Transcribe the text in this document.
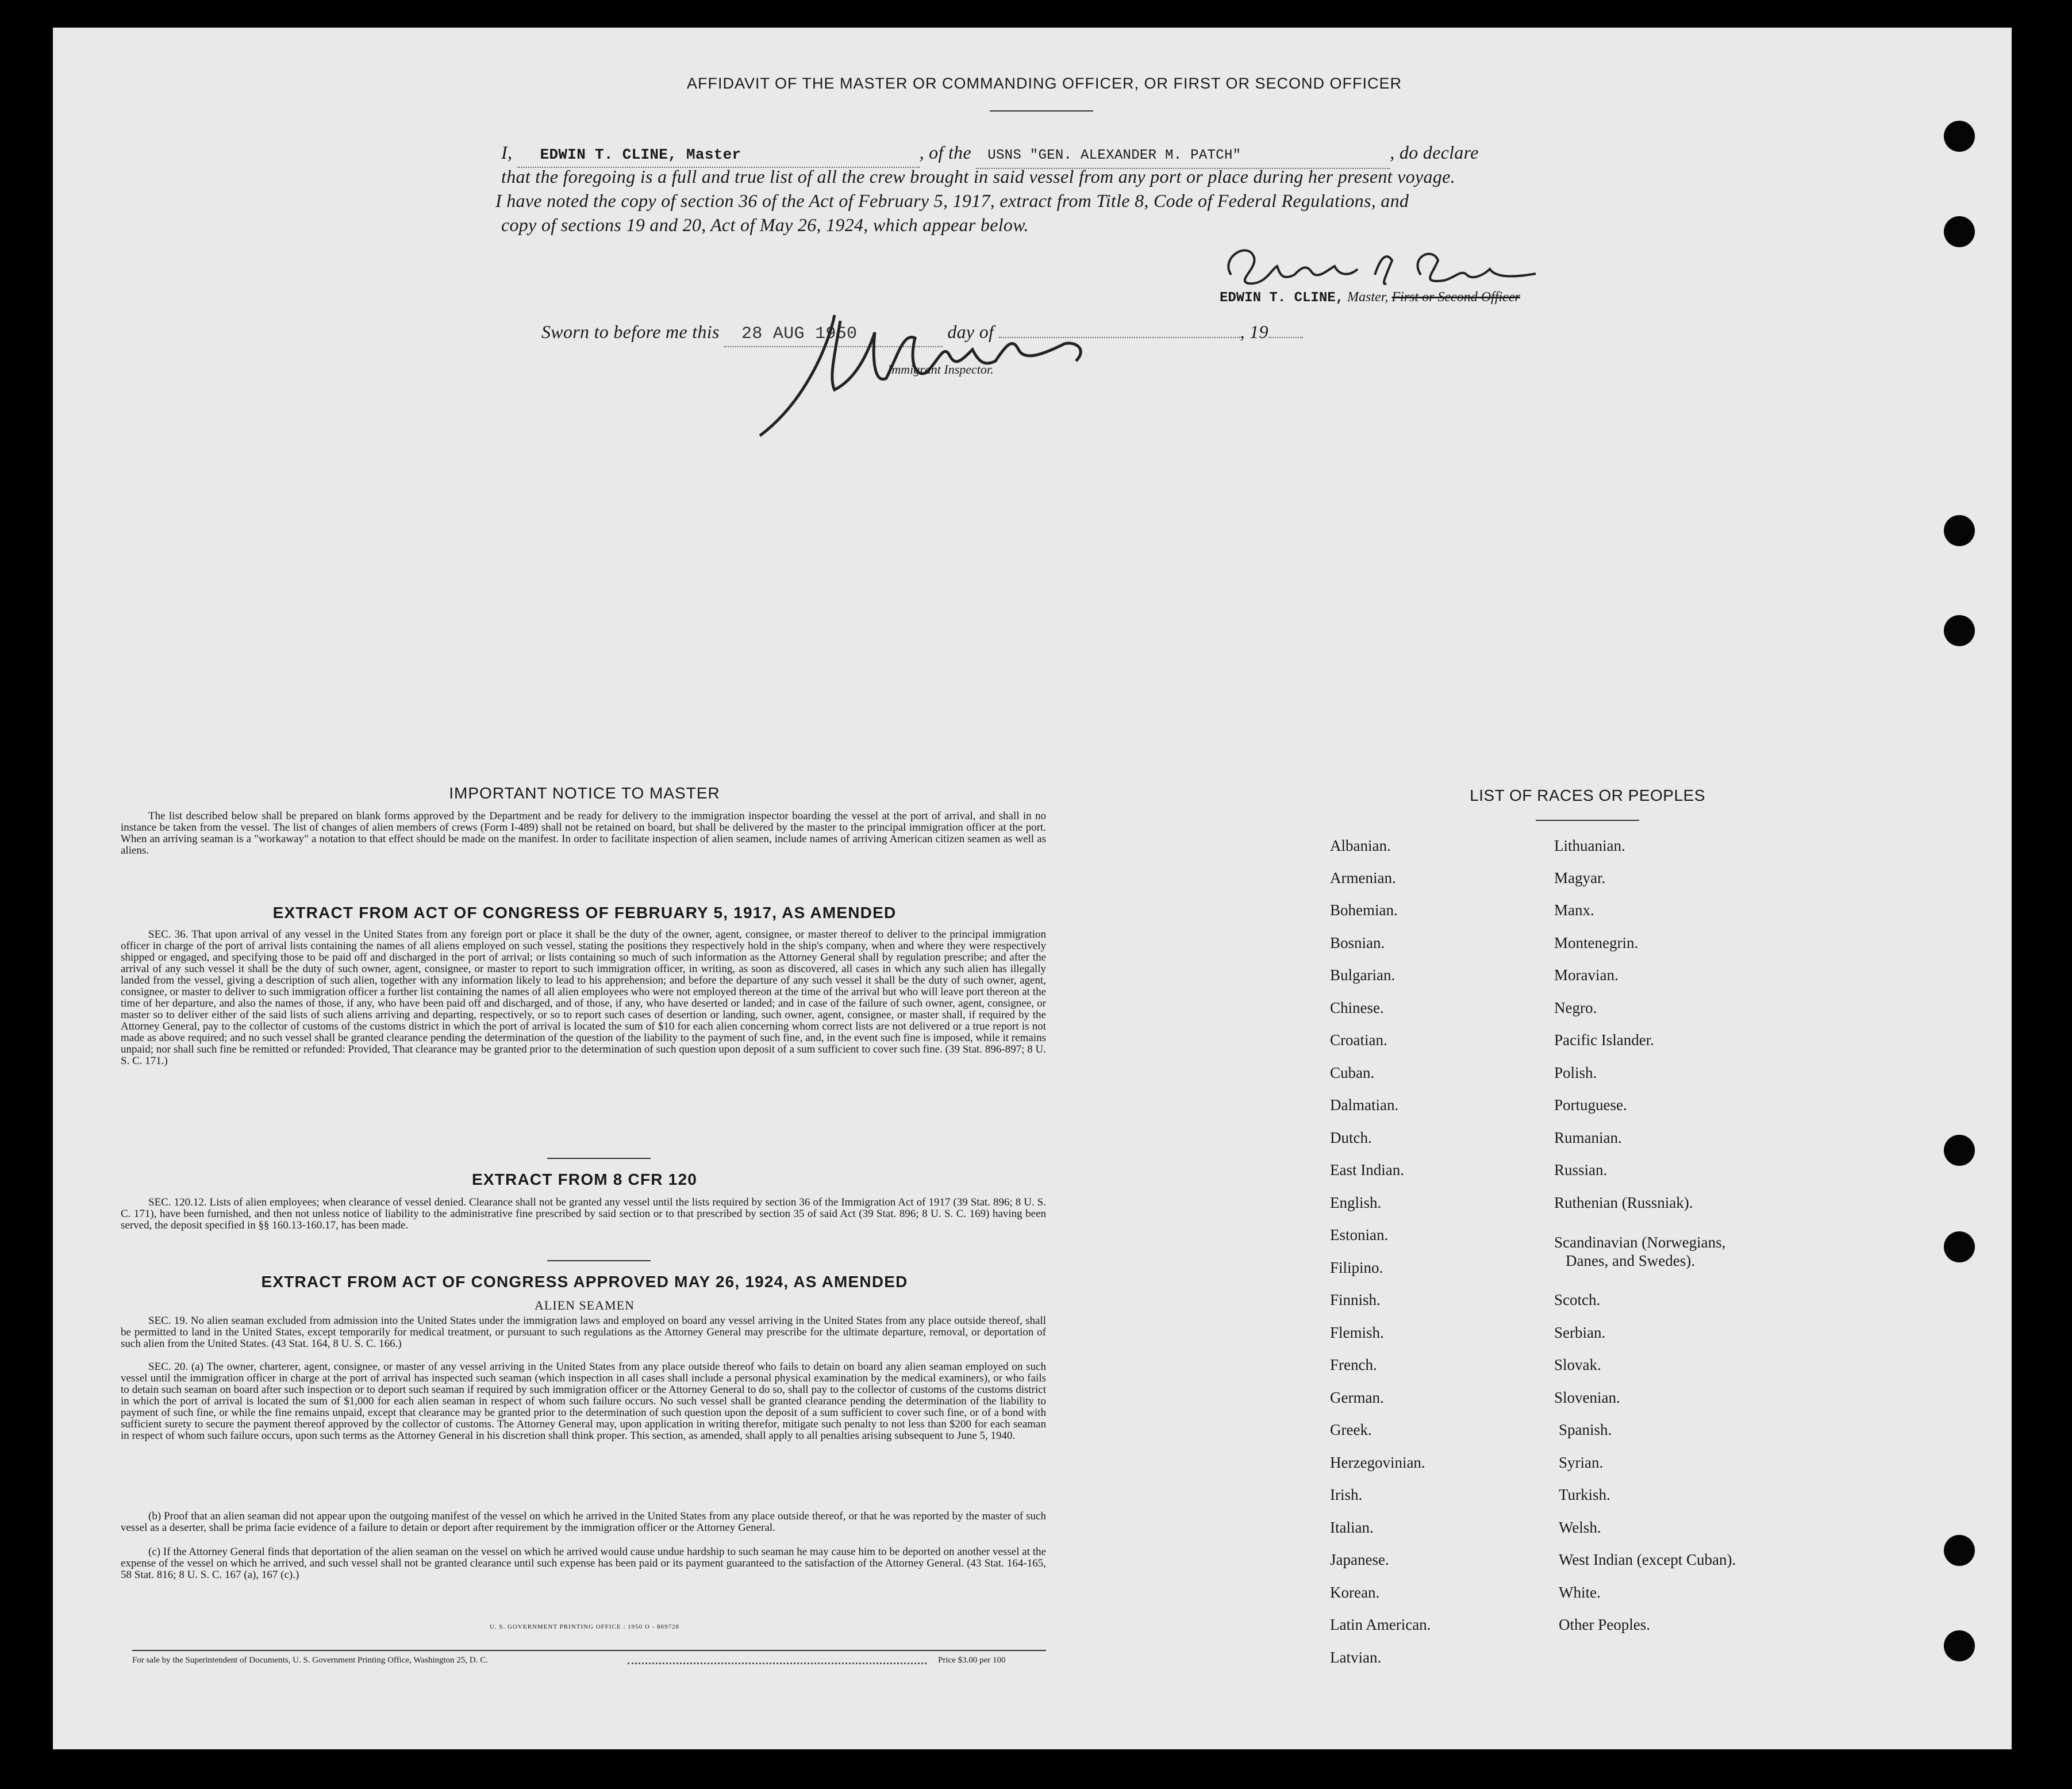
AFFIDAVIT OF THE MASTER OR COMMANDING OFFICER, OR FIRST OR SECOND OFFICER
I, EDWIN T. CLINE, Master	, of the USNS "GEN. ALEXANDER M. PATCH"	, do declare
that the foregoing is a full and true list of all the crew brought in said vessel from any port or place during her present voyage.
I have noted the copy of section 36 of the Act of February 5, 1917, extract from Title 8, Code of Federal Regulations, and
copy of sections 19 and 20, Act of May 26, 1924, which appear below.
EDWIN T. CLINE, Master, First or Second Officer
Sworn to before me this 28 AUG 1950	day of	, 19
Immigrant Inspector.
IMPORTANT NOTICE TO MASTER
The list described below shall be prepared on blank forms approved by the Department and be ready for delivery to the immigration inspector boarding the vessel at the port of arrival, and shall in no instance be taken from the vessel. The list of changes of alien members of crews (Form I-489) shall not be retained on board, but shall be delivered by the master to the principal immigration officer at the port. When an arriving seaman is a "workaway" a notation to that effect should be made on the manifest. In order to facilitate inspection of alien seamen, include names of arriving American citizen seamen as well as aliens.
EXTRACT FROM ACT OF CONGRESS OF FEBRUARY 5, 1917, AS AMENDED
SEC. 36. That upon arrival of any vessel in the United States from any foreign port or place it shall be the duty of the owner, agent, consignee, or master thereof to deliver to the principal immigration officer in charge of the port of arrival lists containing the names of all aliens employed on such vessel, stating the positions they respectively hold in the ship's company, when and where they were respectively shipped or engaged, and specifying those to be paid off and discharged in the port of arrival; or lists containing so much of such information as the Attorney General shall by regulation prescribe; and after the arrival of any such vessel it shall be the duty of such owner, agent, consignee, or master to report to such immigration officer, in writing, as soon as discovered, all cases in which any such alien has illegally landed from the vessel, giving a description of such alien, together with any information likely to lead to his apprehension; and before the departure of any such vessel it shall be the duty of such owner, agent, consignee, or master to deliver to such immigration officer a further list containing the names of all alien employees who were not employed thereon at the time of the arrival but who will leave port thereon at the time of her departure, and also the names of those, if any, who have been paid off and discharged, and of those, if any, who have deserted or landed; and in case of the failure of such owner, agent, consignee, or master so to deliver either of the said lists of such aliens arriving and departing, respectively, or so to report such cases of desertion or landing, such owner, agent, consignee, or master shall, if required by the Attorney General, pay to the collector of customs of the customs district in which the port of arrival is located the sum of $10 for each alien concerning whom correct lists are not delivered or a true report is not made as above required; and no such vessel shall be granted clearance pending the determination of the question of the liability to the payment of such fine, and, in the event such fine is imposed, while it remains unpaid; nor shall such fine be remitted or refunded: Provided, That clearance may be granted prior to the determination of such question upon deposit of a sum sufficient to cover such fine. (39 Stat. 896-897; 8 U. S. C. 171.)
EXTRACT FROM 8 CFR 120
SEC. 120.12. Lists of alien employees; when clearance of vessel denied. Clearance shall not be granted any vessel until the lists required by section 36 of the Immigration Act of 1917 (39 Stat. 896; 8 U. S. C. 171), have been furnished, and then not unless notice of liability to the administrative fine prescribed by said section or to that prescribed by section 35 of said Act (39 Stat. 896; 8 U. S. C. 169) having been served, the deposit specified in §§ 160.13-160.17, has been made.
EXTRACT FROM ACT OF CONGRESS APPROVED MAY 26, 1924, AS AMENDED
ALIEN SEAMEN
SEC. 19. No alien seaman excluded from admission into the United States under the immigration laws and employed on board any vessel arriving in the United States from any place outside thereof, shall be permitted to land in the United States, except temporarily for medical treatment, or pursuant to such regulations as the Attorney General may prescribe for the ultimate departure, removal, or deportation of such alien from the United States. (43 Stat. 164, 8 U. S. C. 166.)
SEC. 20. (a) The owner, charterer, agent, consignee, or master of any vessel arriving in the United States from any place outside thereof who fails to detain on board any alien seaman employed on such vessel until the immigration officer in charge at the port of arrival has inspected such seaman (which inspection in all cases shall include a personal physical examination by the medical examiners), or who fails to detain such seaman on board after such inspection or to deport such seaman if required by such immigration officer or the Attorney General to do so, shall pay to the collector of customs of the customs district in which the port of arrival is located the sum of $1,000 for each alien seaman in respect of whom such failure occurs. No such vessel shall be granted clearance pending the determination of the liability to payment of such fine, or while the fine remains unpaid, except that clearance may be granted prior to the determination of such question upon the deposit of a sum sufficient to cover such fine, or of a bond with sufficient surety to secure the payment thereof approved by the collector of customs. The Attorney General may, upon application in writing therefor, mitigate such penalty to not less than $200 for each seaman in respect of whom such failure occurs, upon such terms as the Attorney General in his discretion shall think proper. This section, as amended, shall apply to all penalties arising subsequent to June 5, 1940.
(b) Proof that an alien seaman did not appear upon the outgoing manifest of the vessel on which he arrived in the United States from any place outside thereof, or that he was reported by the master of such vessel as a deserter, shall be prima facie evidence of a failure to detain or deport after requirement by the immigration officer or the Attorney General.
(c) If the Attorney General finds that deportation of the alien seaman on the vessel on which he arrived would cause undue hardship to such seaman he may cause him to be deported on another vessel at the expense of the vessel on which he arrived, and such vessel shall not be granted clearance until such expense has been paid or its payment guaranteed to the satisfaction of the Attorney General. (43 Stat. 164-165, 58 Stat. 816; 8 U. S. C. 167 (a), 167 (c).)
U. S. GOVERNMENT PRINTING OFFICE : 1950 O - 869728
For sale by the Superintendent of Documents, U. S. Government Printing Office, Washington 25, D. C.	Price $3.00 per 100
LIST OF RACES OR PEOPLES
Albanian.
Armenian.
Bohemian.
Bosnian.
Bulgarian.
Chinese.
Croatian.
Cuban.
Dalmatian.
Dutch.
East Indian.
English.
Estonian.
Filipino.
Finnish.
Flemish.
French.
German.
Greek.
Herzegovinian.
Irish.
Italian.
Japanese.
Korean.
Latin American.
Latvian.
Lithuanian.
Magyar.
Manx.
Montenegrin.
Moravian.
Negro.
Pacific Islander.
Polish.
Portuguese.
Rumanian.
Russian.
Ruthenian (Russniak).
Scandinavian (Norwegians,
Danes, and Swedes).
Scotch.
Serbian.
Slovak.
Slovenian.
Spanish.
Syrian.
Turkish.
Welsh.
West Indian (except Cuban).
White.
Other Peoples.
